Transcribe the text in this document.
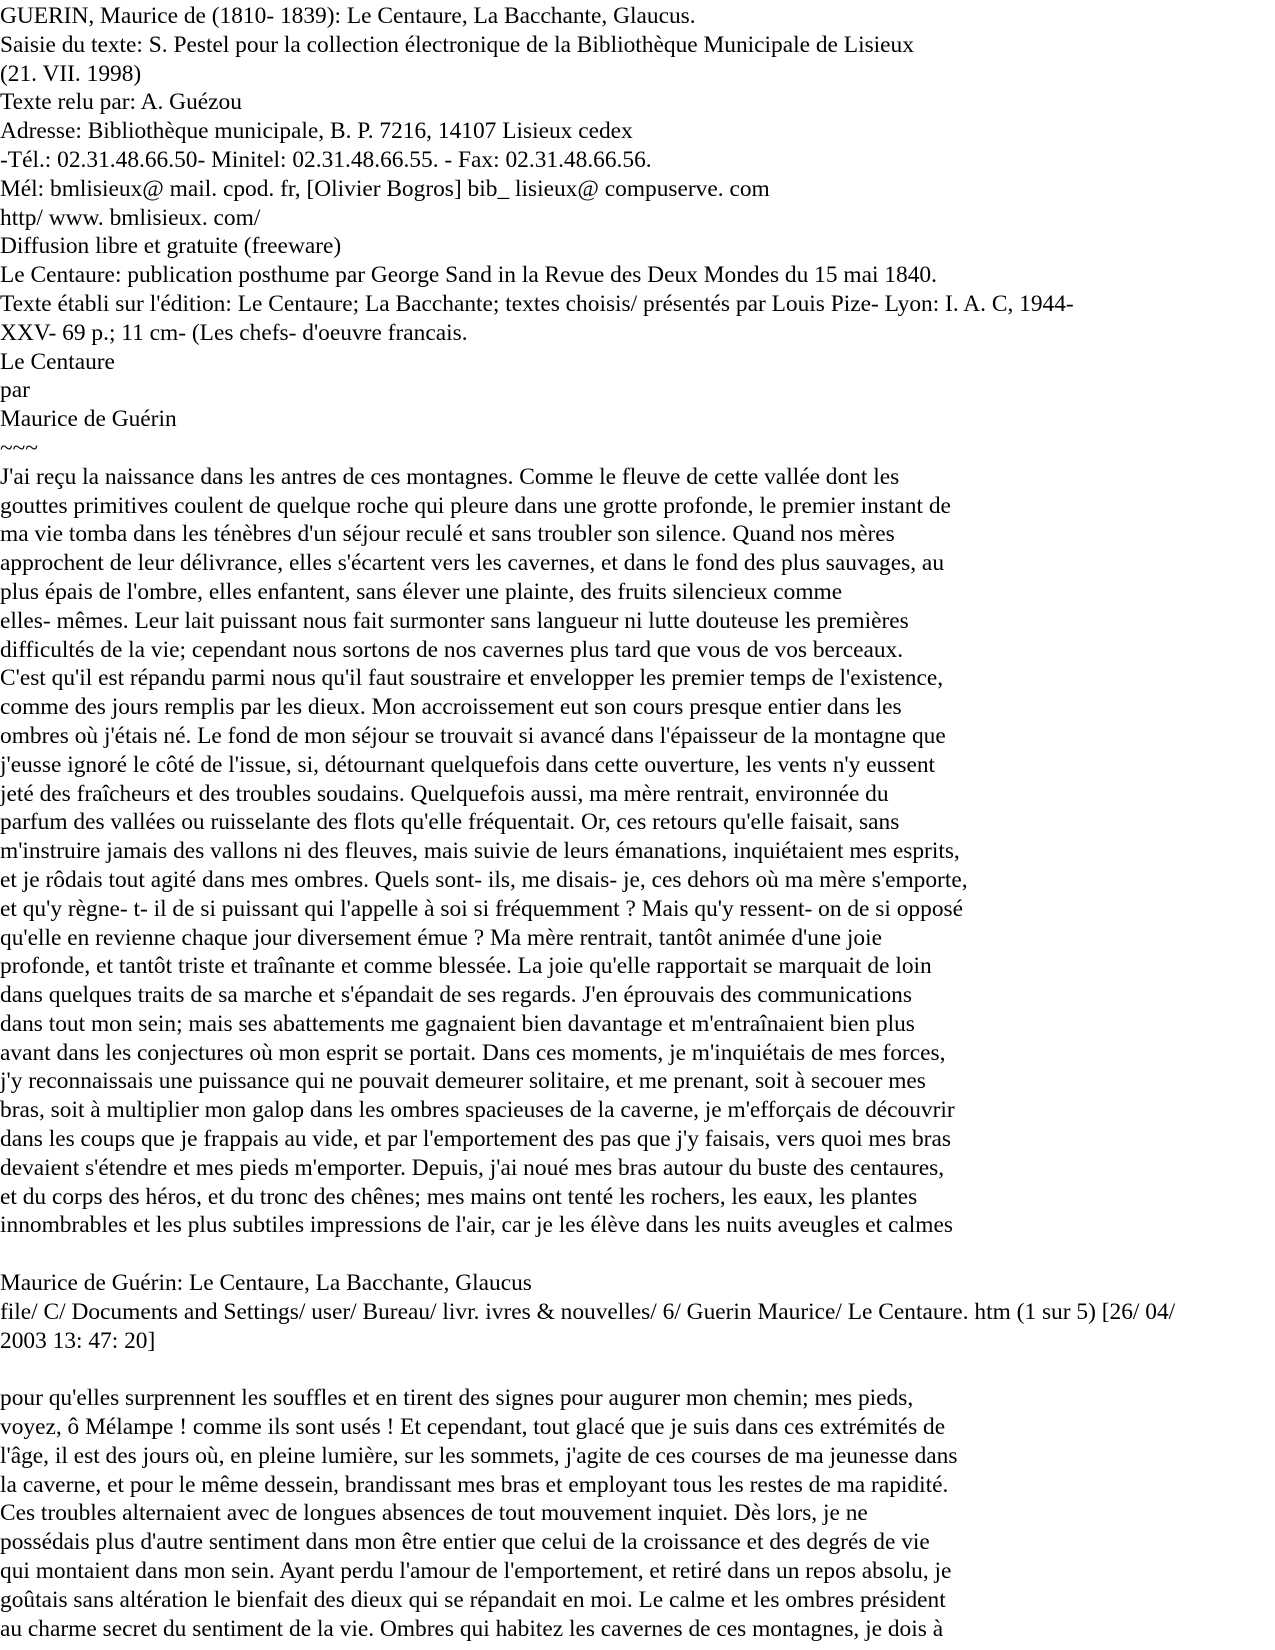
GUERIN, Maurice de (1810- 1839): Le Centaure, La Bacchante, Glaucus.
Saisie du texte: S. Pestel pour la collection électronique de la Bibliothèque Municipale de Lisieux
(21. VII. 1998)
Texte relu par: A. Guézou
Adresse: Bibliothèque municipale, B. P. 7216, 14107 Lisieux cedex
-Tél.: 02.31.48.66.50- Minitel: 02.31.48.66.55. - Fax: 02.31.48.66.56.
Mél: bmlisieux@ mail. cpod. fr, [Olivier Bogros] bib_ lisieux@ compuserve. com
http/ www. bmlisieux. com/
Diffusion libre et gratuite (freeware)
Le Centaure: publication posthume par George Sand in la Revue des Deux Mondes du 15 mai 1840.
Texte établi sur l'édition: Le Centaure; La Bacchante; textes choisis/ présentés par Louis Pize- Lyon: I. A. C, 1944-
XXV- 69 p.; 11 cm- (Les chefs- d'oeuvre francais.
Le Centaure
par
Maurice de Guérin
~~~
J'ai reçu la naissance dans les antres de ces montagnes. Comme le fleuve de cette vallée dont les
gouttes primitives coulent de quelque roche qui pleure dans une grotte profonde, le premier instant de
ma vie tomba dans les ténèbres d'un séjour reculé et sans troubler son silence. Quand nos mères
approchent de leur délivrance, elles s'écartent vers les cavernes, et dans le fond des plus sauvages, au
plus épais de l'ombre, elles enfantent, sans élever une plainte, des fruits silencieux comme
elles- mêmes. Leur lait puissant nous fait surmonter sans langueur ni lutte douteuse les premières
difficultés de la vie; cependant nous sortons de nos cavernes plus tard que vous de vos berceaux.
C'est qu'il est répandu parmi nous qu'il faut soustraire et envelopper les premier temps de l'existence,
comme des jours remplis par les dieux. Mon accroissement eut son cours presque entier dans les
ombres où j'étais né. Le fond de mon séjour se trouvait si avancé dans l'épaisseur de la montagne que
j'eusse ignoré le côté de l'issue, si, détournant quelquefois dans cette ouverture, les vents n'y eussent
jeté des fraîcheurs et des troubles soudains. Quelquefois aussi, ma mère rentrait, environnée du
parfum des vallées ou ruisselante des flots qu'elle fréquentait. Or, ces retours qu'elle faisait, sans
m'instruire jamais des vallons ni des fleuves, mais suivie de leurs émanations, inquiétaient mes esprits,
et je rôdais tout agité dans mes ombres. Quels sont- ils, me disais- je, ces dehors où ma mère s'emporte,
et qu'y règne- t- il de si puissant qui l'appelle à soi si fréquemment ? Mais qu'y ressent- on de si opposé
qu'elle en revienne chaque jour diversement émue ? Ma mère rentrait, tantôt animée d'une joie
profonde, et tantôt triste et traînante et comme blessée. La joie qu'elle rapportait se marquait de loin
dans quelques traits de sa marche et s'épandait de ses regards. J'en éprouvais des communications
dans tout mon sein; mais ses abattements me gagnaient bien davantage et m'entraînaient bien plus
avant dans les conjectures où mon esprit se portait. Dans ces moments, je m'inquiétais de mes forces,
j'y reconnaissais une puissance qui ne pouvait demeurer solitaire, et me prenant, soit à secouer mes
bras, soit à multiplier mon galop dans les ombres spacieuses de la caverne, je m'efforçais de découvrir
dans les coups que je frappais au vide, et par l'emportement des pas que j'y faisais, vers quoi mes bras
devaient s'étendre et mes pieds m'emporter. Depuis, j'ai noué mes bras autour du buste des centaures,
et du corps des héros, et du tronc des chênes; mes mains ont tenté les rochers, les eaux, les plantes
innombrables et les plus subtiles impressions de l'air, car je les élève dans les nuits aveugles et calmes
Maurice de Guérin: Le Centaure, La Bacchante, Glaucus
file/ C/ Documents and Settings/ user/ Bureau/ livr. ivres & nouvelles/ 6/ Guerin Maurice/ Le Centaure. htm (1 sur 5) [26/ 04/
2003 13: 47: 20]
pour qu'elles surprennent les souffles et en tirent des signes pour augurer mon chemin; mes pieds,
voyez, ô Mélampe ! comme ils sont usés ! Et cependant, tout glacé que je suis dans ces extrémités de
l'âge, il est des jours où, en pleine lumière, sur les sommets, j'agite de ces courses de ma jeunesse dans
la caverne, et pour le même dessein, brandissant mes bras et employant tous les restes de ma rapidité.
Ces troubles alternaient avec de longues absences de tout mouvement inquiet. Dès lors, je ne
possédais plus d'autre sentiment dans mon être entier que celui de la croissance et des degrés de vie
qui montaient dans mon sein. Ayant perdu l'amour de l'emportement, et retiré dans un repos absolu, je
goûtais sans altération le bienfait des dieux qui se répandait en moi. Le calme et les ombres président
au charme secret du sentiment de la vie. Ombres qui habitez les cavernes de ces montagnes, je dois à
